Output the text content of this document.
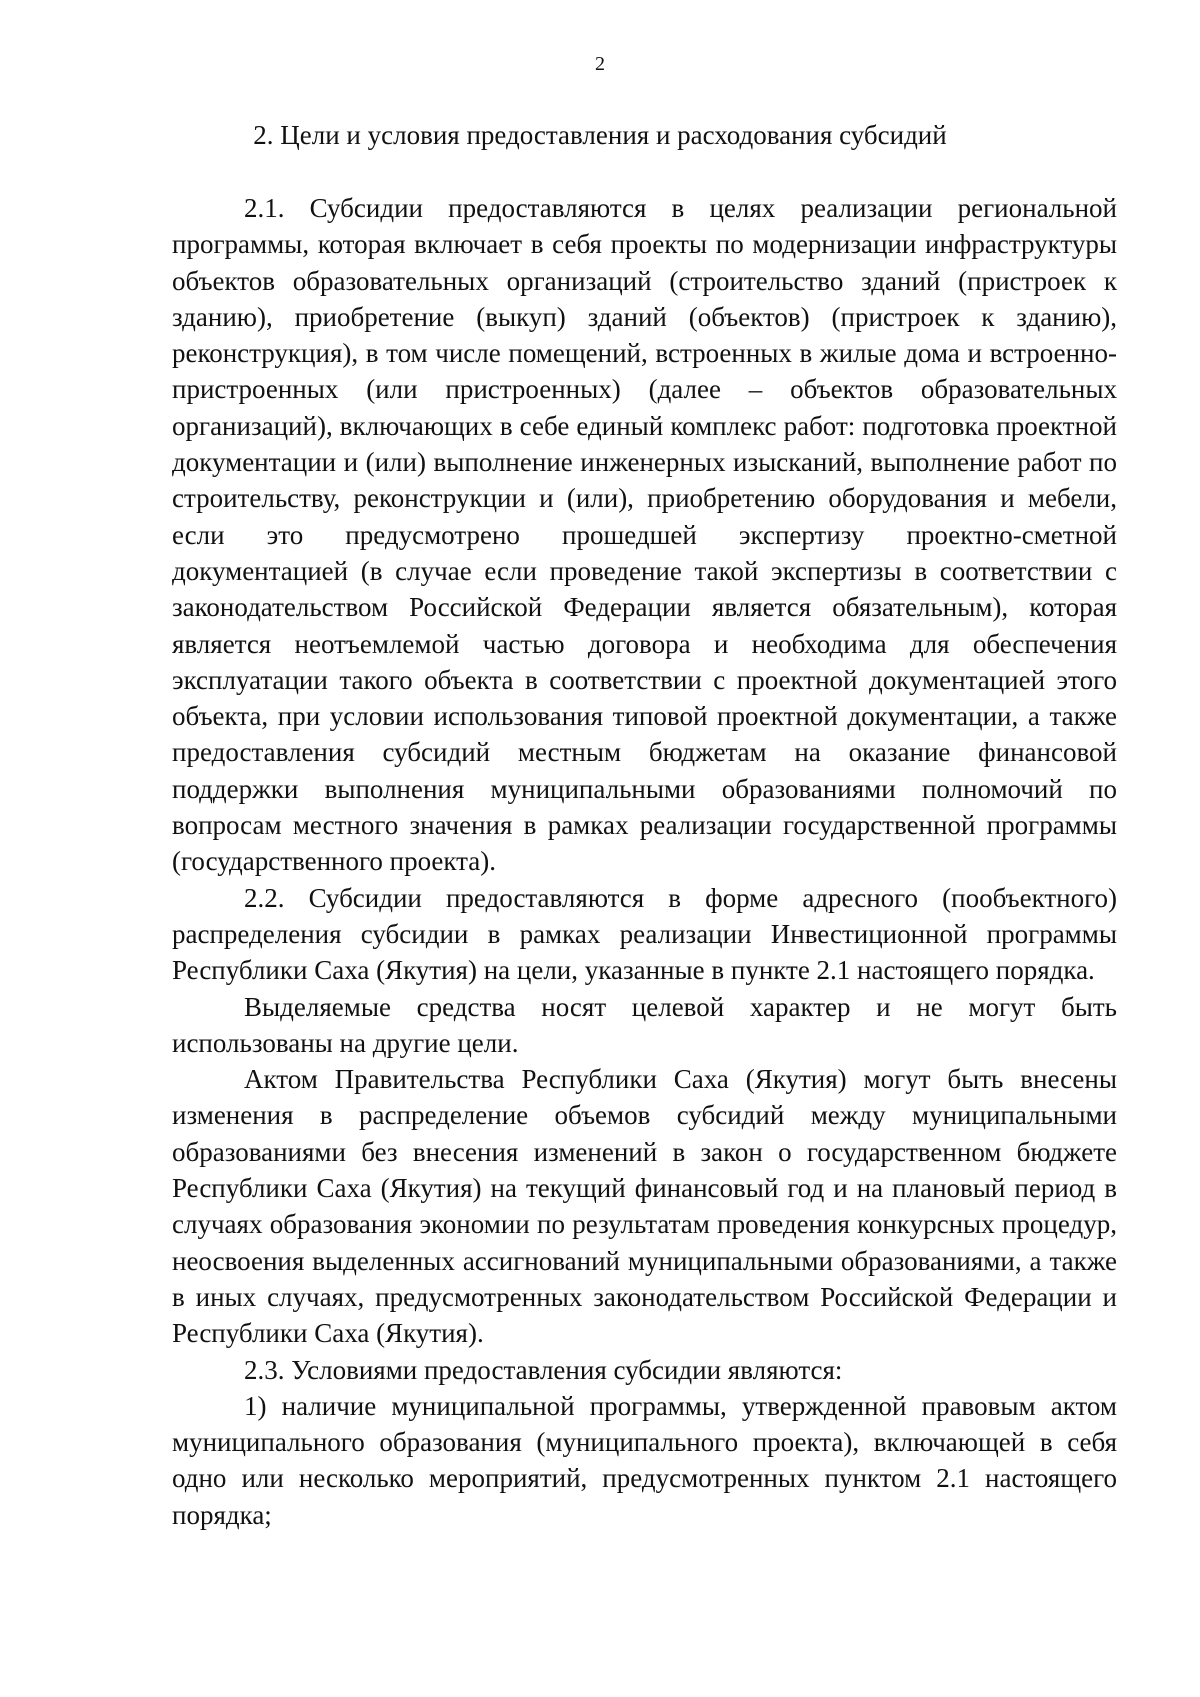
2
2. Цели и условия предоставления и расходования субсидий

2.1. Субсидии предоставляются в целях реализации региональной программы, которая включает в себя проекты по модернизации инфраструктуры объектов образовательных организаций (строительство зданий (пристроек к зданию), приобретение (выкуп) зданий (объектов) (пристроек к зданию), реконструкция), в том числе помещений, встроенных в жилые дома и встроенно-пристроенных (или пристроенных) (далее – объектов образовательных организаций), включающих в себе единый комплекс работ: подготовка проектной документации и (или) выполнение инженерных изысканий, выполнение работ по строительству, реконструкции и (или), приобретению оборудования и мебели, если это предусмотрено прошедшей экспертизу проектно-сметной документацией (в случае если проведение такой экспертизы в соответствии с законодательством Российской Федерации является обязательным), которая является неотъемлемой частью договора и необходима для обеспечения эксплуатации такого объекта в соответствии с проектной документацией этого объекта, при условии использования типовой проектной документации, а также предоставления субсидий местным бюджетам на оказание финансовой поддержки выполнения муниципальными образованиями полномочий по вопросам местного значения в рамках реализации государственной программы (государственного проекта).

2.2. Субсидии предоставляются в форме адресного (пообъектного) распределения субсидии в рамках реализации Инвестиционной программы Республики Саха (Якутия) на цели, указанные в пункте 2.1 настоящего порядка.

Выделяемые средства носят целевой характер и не могут быть использованы на другие цели.

Актом Правительства Республики Саха (Якутия) могут быть внесены изменения в распределение объемов субсидий между муниципальными образованиями без внесения изменений в закон о государственном бюджете Республики Саха (Якутия) на текущий финансовый год и на плановый период в случаях образования экономии по результатам проведения конкурсных процедур, неосвоения выделенных ассигнований муниципальными образованиями, а также в иных случаях, предусмотренных законодательством Российской Федерации и Республики Саха (Якутия).

2.3. Условиями предоставления субсидии являются:

1) наличие муниципальной программы, утвержденной правовым актом муниципального образования (муниципального проекта), включающей в себя одно или несколько мероприятий, предусмотренных пунктом 2.1 настоящего порядка;
